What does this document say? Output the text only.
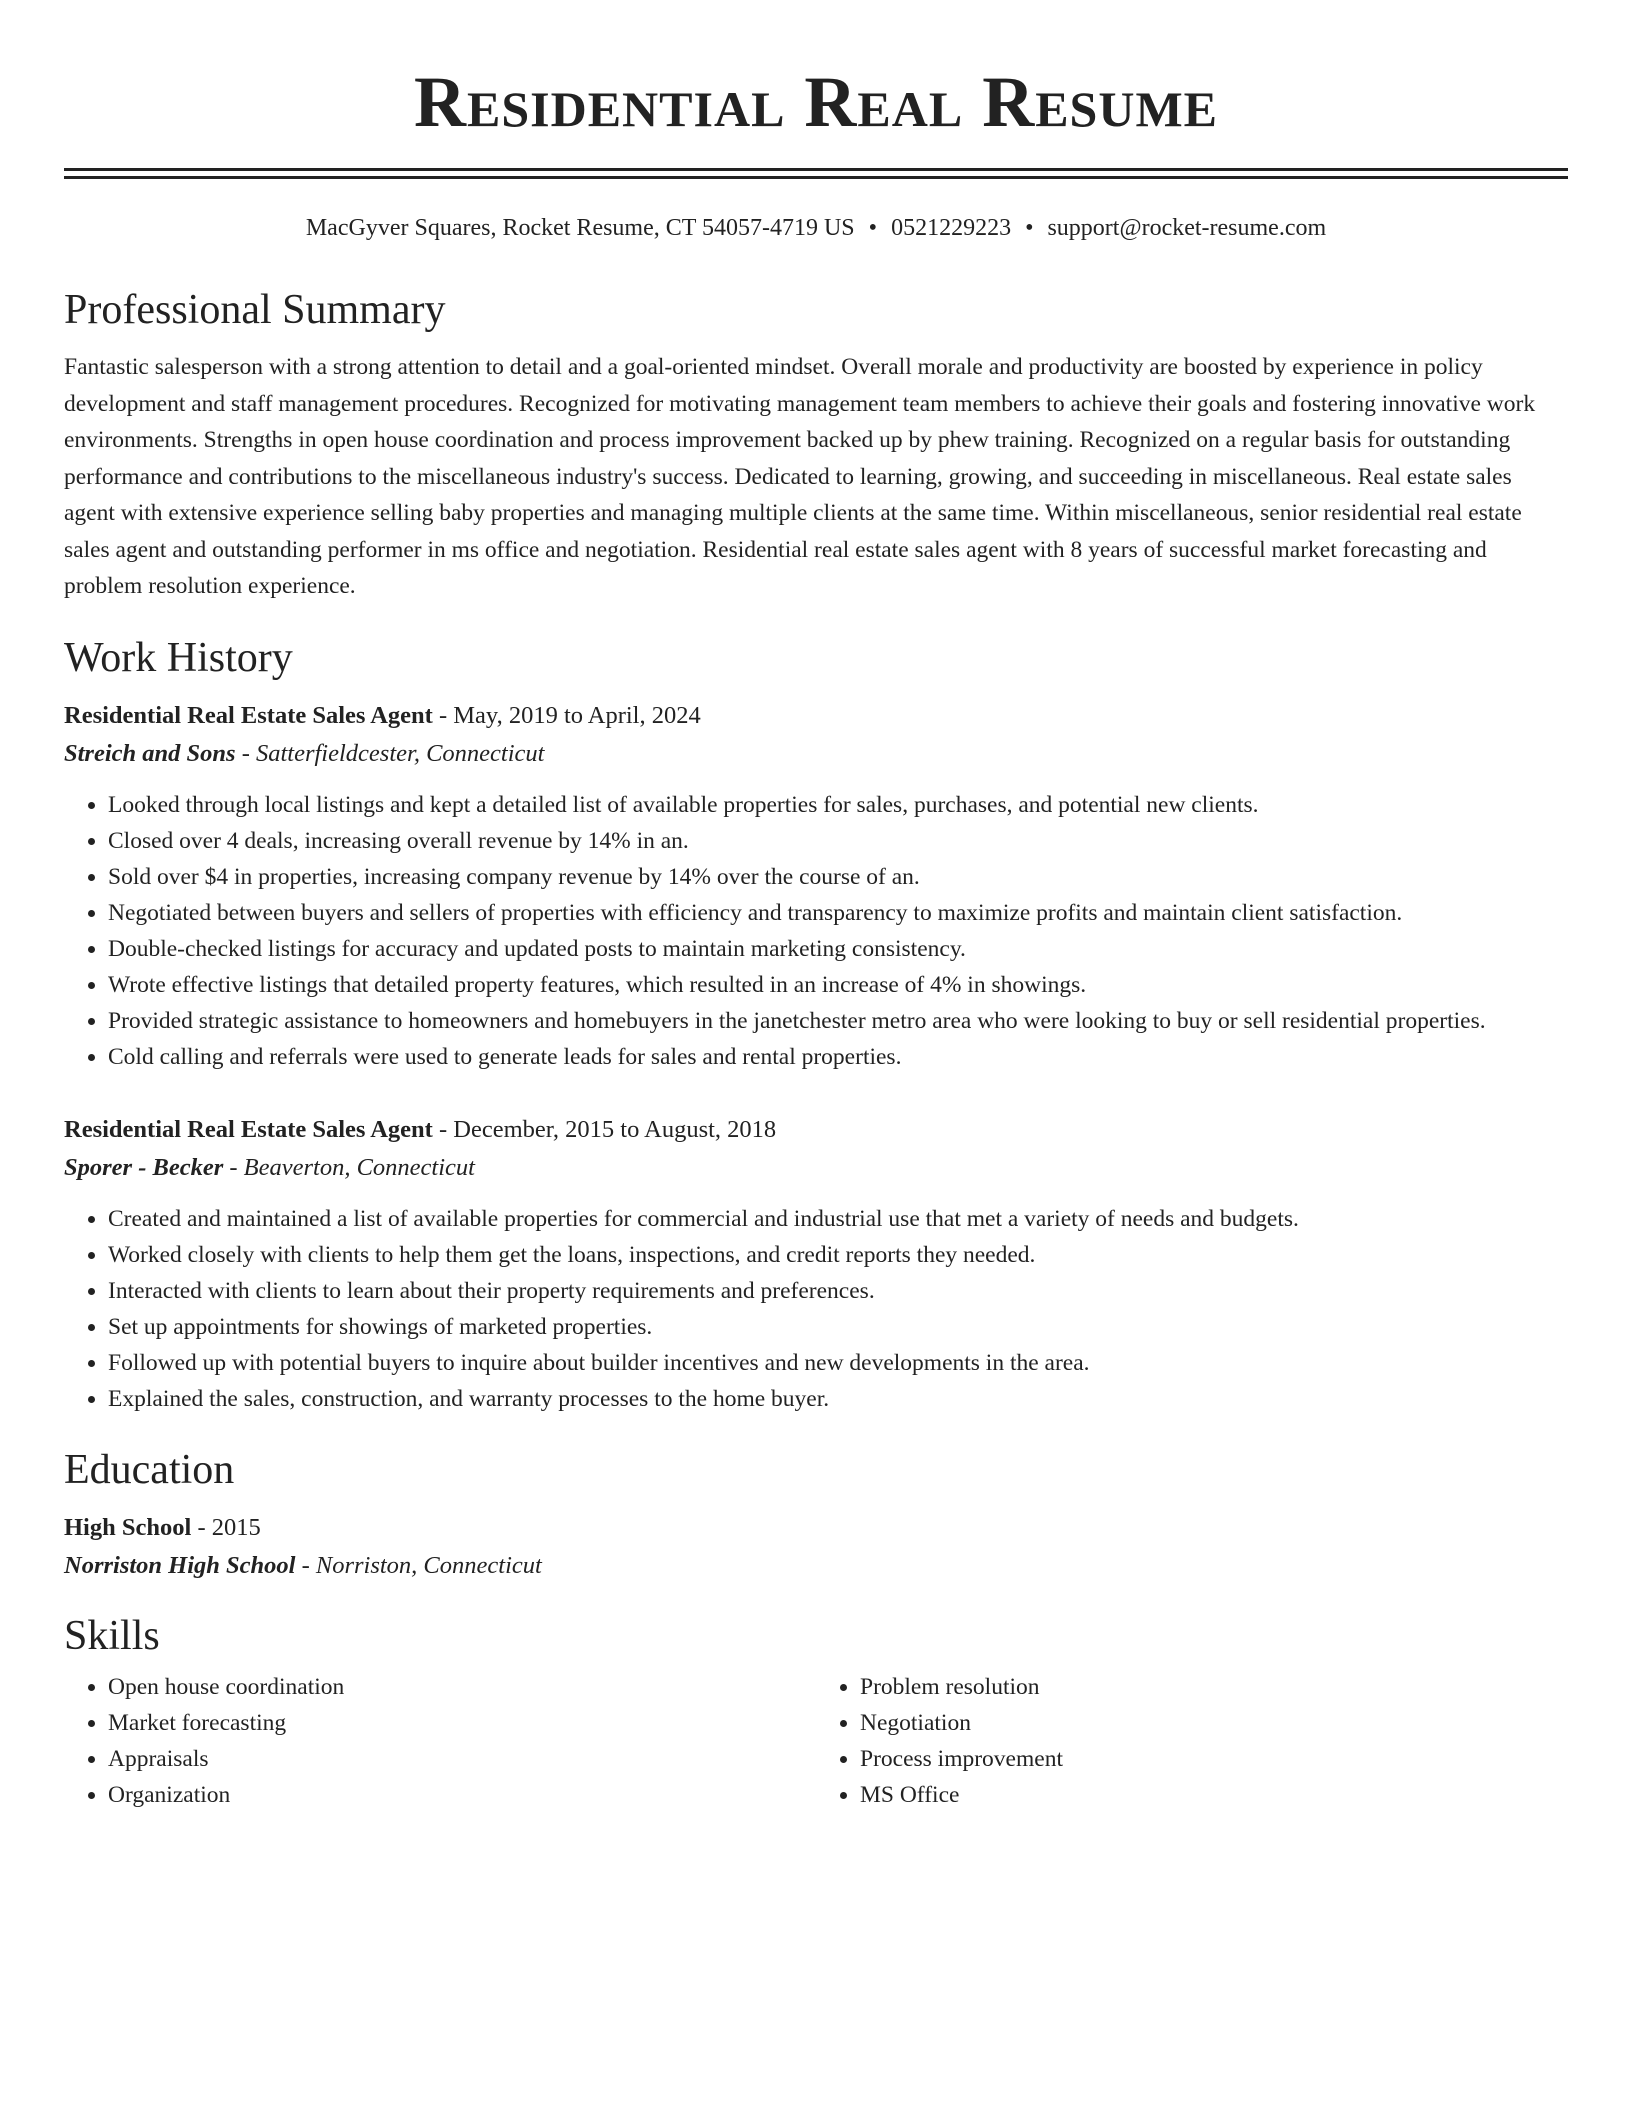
Residential Real Resume
MacGyver Squares, Rocket Resume, CT 54057-4719 US • 0521229223 • support@rocket-resume.com
Professional Summary

Fantastic salesperson with a strong attention to detail and a goal-oriented mindset. Overall morale and productivity are boosted by experience in policy development and staff management procedures. Recognized for motivating management team members to achieve their goals and fostering innovative work environments. Strengths in open house coordination and process improvement backed up by phew training. Recognized on a regular basis for outstanding performance and contributions to the miscellaneous industry's success. Dedicated to learning, growing, and succeeding in miscellaneous. Real estate sales agent with extensive experience selling baby properties and managing multiple clients at the same time. Within miscellaneous, senior residential real estate sales agent and outstanding performer in ms office and negotiation. Residential real estate sales agent with 8 years of successful market forecasting and problem resolution experience.

Work History
Residential Real Estate Sales Agent - May, 2019 to April, 2024
Streich and Sons - Satterfieldcester, Connecticut
• Looked through local listings and kept a detailed list of available properties for sales, purchases, and potential new clients.
• Closed over 4 deals, increasing overall revenue by 14% in an.
• Sold over $4 in properties, increasing company revenue by 14% over the course of an.
• Negotiated between buyers and sellers of properties with efficiency and transparency to maximize profits and maintain client satisfaction.
• Double-checked listings for accuracy and updated posts to maintain marketing consistency.
• Wrote effective listings that detailed property features, which resulted in an increase of 4% in showings.
• Provided strategic assistance to homeowners and homebuyers in the janetchester metro area who were looking to buy or sell residential properties.
• Cold calling and referrals were used to generate leads for sales and rental properties.
Residential Real Estate Sales Agent - December, 2015 to August, 2018
Sporer - Becker - Beaverton, Connecticut
• Created and maintained a list of available properties for commercial and industrial use that met a variety of needs and budgets.
• Worked closely with clients to help them get the loans, inspections, and credit reports they needed.
• Interacted with clients to learn about their property requirements and preferences.
• Set up appointments for showings of marketed properties.
• Followed up with potential buyers to inquire about builder incentives and new developments in the area.
• Explained the sales, construction, and warranty processes to the home buyer.
Education
High School - 2015
Norriston High School - Norriston, Connecticut
Skills
• Open house coordination
• Market forecasting
• Appraisals
• Organization
• Problem resolution
• Negotiation
• Process improvement
• MS Office
